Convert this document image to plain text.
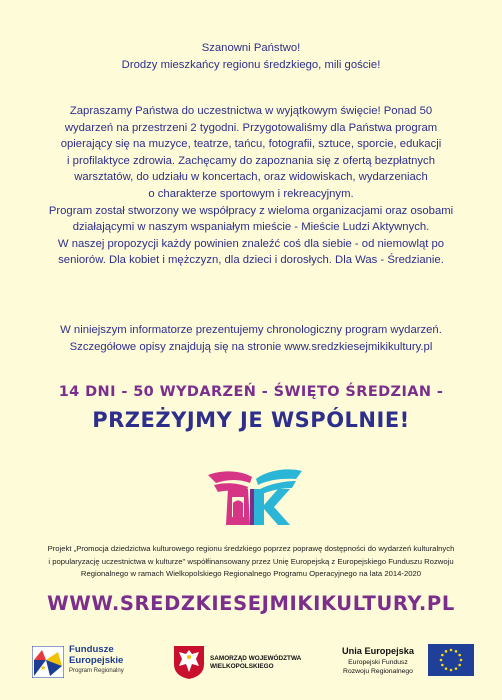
Szanowni Państwo!
Drodzy mieszkańcy regionu średzkiego, mili goście!
Zapraszamy Państwa do uczestnictwa w wyjątkowym święcie! Ponad 50
wydarzeń na przestrzeni 2 tygodni. Przygotowaliśmy dla Państwa program
opierający się na muzyce, teatrze, tańcu, fotografii, sztuce, sporcie, edukacji
i profilaktyce zdrowia. Zachęcamy do zapoznania się z ofertą bezpłatnych
warsztatów, do udziału w koncertach, oraz widowiskach, wydarzeniach
o charakterze sportowym i rekreacyjnym.
Program został stworzony we współpracy z wieloma organizacjami oraz osobami
działającymi w naszym wspaniałym mieście - Mieście Ludzi Aktywnych.
W naszej propozycji każdy powinien znaleźć coś dla siebie - od niemowląt po
seniorów. Dla kobiet i mężczyzn, dla dzieci i dorosłych. Dla Was - Średzianie.
W niniejszym informatorze prezentujemy chronologiczny program wydarzeń.
Szczegółowe opisy znajdują się na stronie www.sredzkiesejmikikultury.pl
14 DNI - 50 WYDARZEŃ - ŚWIĘTO ŚREDZIAN -
PRZEŻYJMY JE WSPÓLNIE!
Projekt „Promocja dziedzictwa kulturowego regionu średzkiego poprzez poprawę dostępności do wydarzeń kulturalnych
i popularyzację uczestnictwa w kulturze" współfinansowany przez Unię Europejską z Europejskiego Funduszu Rozwoju
Regionalnego w ramach Wielkopolskiego Regionalnego Programu Operacyjnego na lata 2014-2020
WWW.SREDZKIESEJMIKIKULTURY.PL
★
Fundusze
Europejskie
Program Regionalny
SAMORZĄD WOJEWÓDZTWA
WIELKOPOLSKIEGO
Unia Europejska
Europejski Fundusz
Rozwoju Regionalnego
